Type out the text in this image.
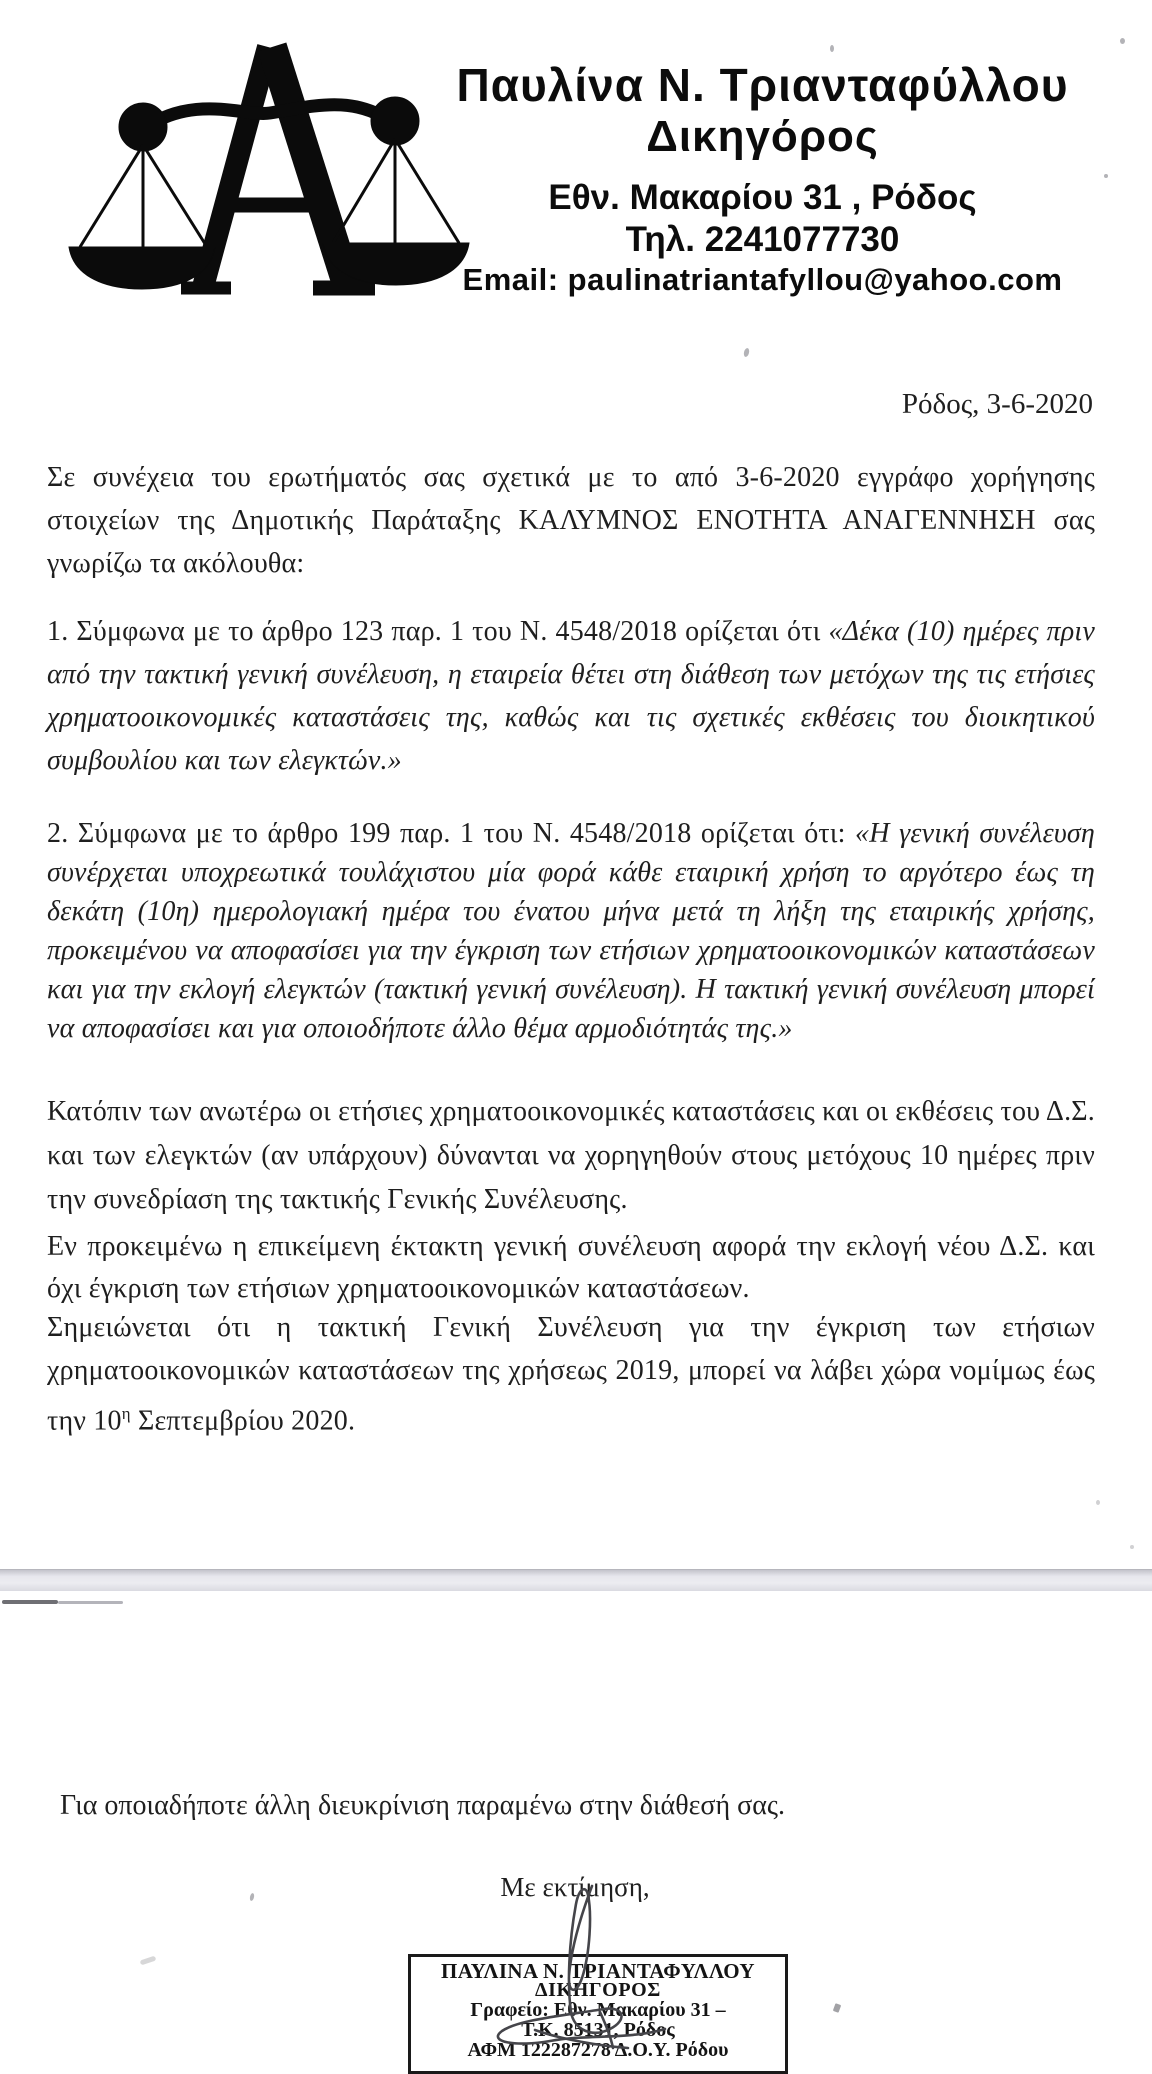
Παυλίνα Ν. Τριανταφύλλου
Δικηγόρος
Εθν. Μακαρίου 31 , Ρόδος
Τηλ. 2241077730
Email: paulinatriantafyllou@yahoo.com
Ρόδος, 3-6-2020
Σε συνέχεια του ερωτήματός σας σχετικά με το από 3-6-2020 εγγράφο χορήγησης στοιχείων της Δημοτικής Παράταξης ΚΑΛΥΜΝΟΣ ΕΝΟΤΗΤΑ ΑΝΑΓΕΝΝΗΣΗ σας γνωρίζω τα ακόλουθα:
1. Σύμφωνα με το άρθρο 123 παρ. 1 του Ν. 4548/2018 ορίζεται ότι «Δέκα (10) ημέρες πριν από την τακτική γενική συνέλευση, η εταιρεία θέτει στη διάθεση των μετόχων της τις ετήσιες χρηματοοικονομικές καταστάσεις της, καθώς και τις σχετικές εκθέσεις του διοικητικού συμβουλίου και των ελεγκτών.»
2. Σύμφωνα με το άρθρο 199 παρ. 1 του Ν. 4548/2018 ορίζεται ότι: «Η γενική συνέλευση συνέρχεται υποχρεωτικά τουλάχιστου μία φορά κάθε εταιρική χρήση το αργότερο έως τη δεκάτη (10η) ημερολογιακή ημέρα του ένατου μήνα μετά τη λήξη της εταιρικής χρήσης, προκειμένου να αποφασίσει για την έγκριση των ετήσιων χρηματοοικονομικών καταστάσεων και για την εκλογή ελεγκτών (τακτική γενική συνέλευση). Η τακτική γενική συνέλευση μπορεί να αποφασίσει και για οποιοδήποτε άλλο θέμα αρμοδιότητάς της.»
Κατόπιν των ανωτέρω οι ετήσιες χρηματοοικονομικές καταστάσεις και οι εκθέσεις του Δ.Σ. και των ελεγκτών (αν υπάρχουν) δύνανται να χορηγηθούν στους μετόχους 10 ημέρες πριν την συνεδρίαση της τακτικής Γενικής Συνέλευσης.
Εν προκειμένω η επικείμενη έκτακτη γενική συνέλευση αφορά την εκλογή νέου Δ.Σ. και όχι έγκριση των ετήσιων χρηματοοικονομικών καταστάσεων.
Σημειώνεται ότι η τακτική Γενική Συνέλευση για την έγκριση των ετήσιων χρηματοοικονομικών καταστάσεων της χρήσεως 2019, μπορεί να λάβει χώρα νομίμως έως την $10^\eta$ Σεπτεμβρίου 2020.
Για οποιαδήποτε άλλη διευκρίνιση παραμένω στην διάθεσή σας.
Με εκτίμηση,
ΠΑΥΛΙΝΑ Ν. ΤΡΙΑΝΤΑΦΥΛΛΟΥ
ΔΙΚΗΓΟΡΟΣ
Γραφείο: Εθν. Μακαρίου 31 –
Τ.Κ. 85131, Ρόδος
ΑΦΜ 122287278 Δ.Ο.Υ. Ρόδου
